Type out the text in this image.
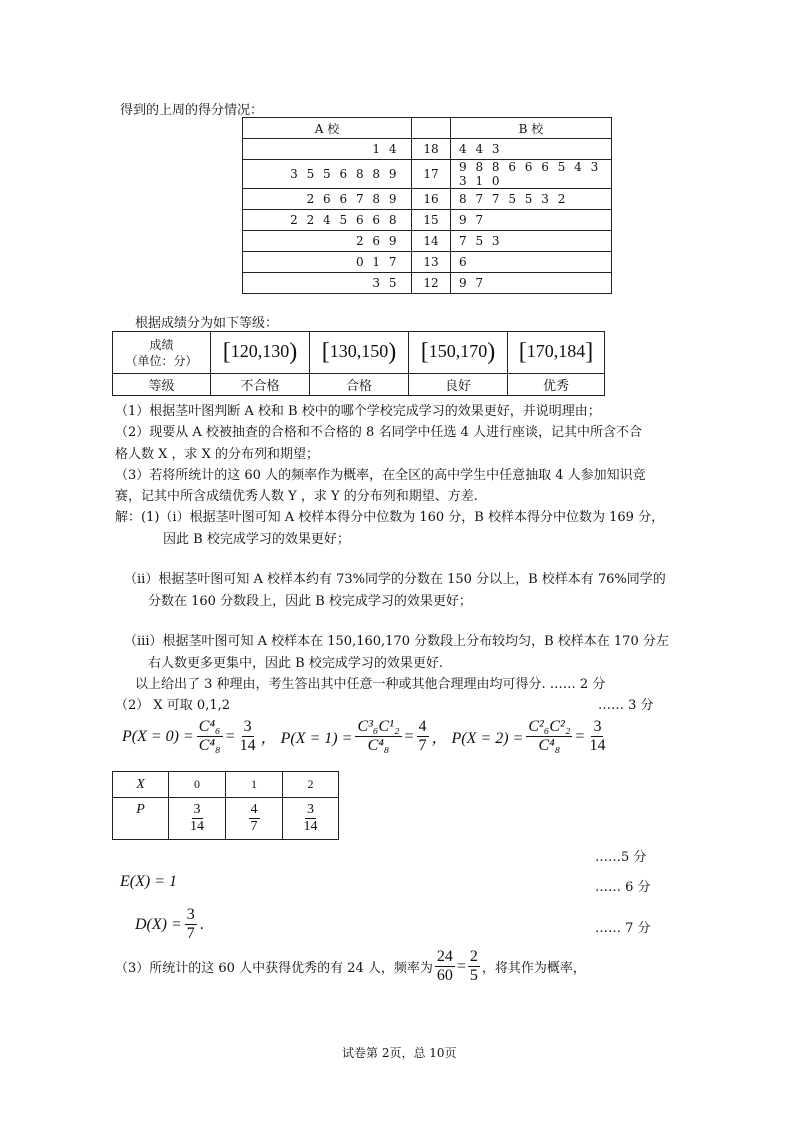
得到的上周的得分情况：
A 校		B 校
1 4	18	4 4 3
3 5 5 6 8 8 9	17	9 8 8 6 6 6 5 4 3 3 1 0
2 6 6 7 8 9	16	8 7 7 5 5 3 2
2 2 4 5 6 6 8	15	9 7
2 6 9	14	7 5 3
0 1 7	13	6
3 5	12	9 7
根据成绩分为如下等级：
成绩
（单位：分）	[120,130)	[130,150)	[150,170)	[170,184]
等级	不合格	合格	良好	优秀
（1）根据茎叶图判断 A 校和 B 校中的哪个学校完成学习的效果更好，并说明理由；
（2）现要从 A 校被抽查的合格和不合格的 8 名同学中任选 4 人进行座谈，记其中所含不合
格人数 X ，求 X 的分布列和期望；
（3）若将所统计的这 60 人的频率作为概率，在全区的高中学生中任意抽取 4 人参加知识竞
赛，记其中所含成绩优秀人数 Y ，求 Y 的分布列和期望、方差.
解：(1)（i）根据茎叶图可知 A 校样本得分中位数为 160 分，B 校样本得分中位数为 169 分，
因此 B 校完成学习的效果更好；
（ii）根据茎叶图可知 A 校样本约有 73%同学的分数在 150 分以上，B 校样本有 76%同学的
分数在 160 分数段上，因此 B 校完成学习的效果更好；
（iii）根据茎叶图可知 A 校样本在 150,160,170 分数段上分布较均匀，B 校样本在 170 分左
右人数更多更集中，因此 B 校完成学习的效果更好.
以上给出了 3 种理由，考生答出其中任意一种或其他合理理由均可得分. …… 2 分
（2） X 可取 0,1,2	…… 3 分
$P(X = 0) = \frac{\text{C⁴₆}}{\text{C⁴₈}} = \frac{3}{14}$ ， $P(X = 1) = \frac{\text{C³₆C¹₂}}{\text{C⁴₈}} = \frac{4}{7}$ ， $P(X = 2) = \frac{\text{C²₆C²₂}}{\text{C⁴₈}} = \frac{3}{14}$
X	0	1	2
P	$\frac{3}{14}$	$\frac{4}{7}$	$\frac{3}{14}$
……5 分
E(X) = 1	…… 6 分
$D(X) = \frac{3}{7}$ .	…… 7 分
（3）所统计的这 60 人中获得优秀的有 24 人，频率为 $\frac{24}{60} = \frac{2}{5}$ ，将其作为概率，
试卷第 2页，总 10页
